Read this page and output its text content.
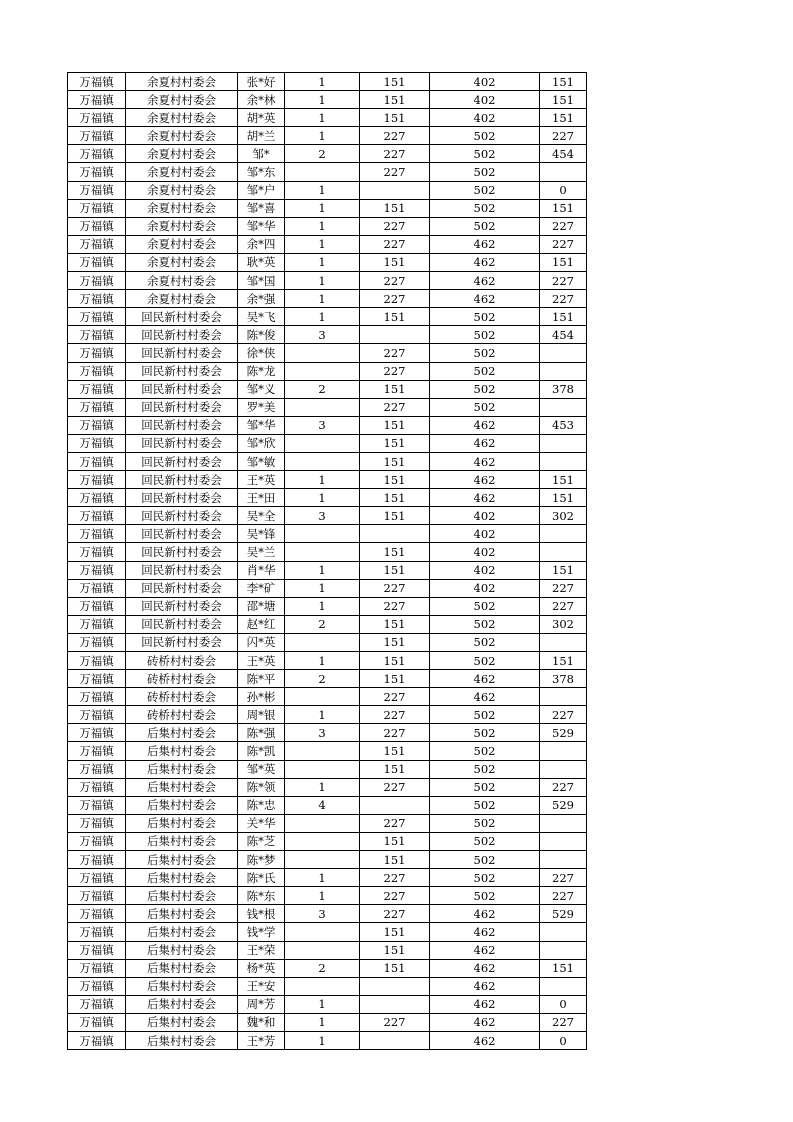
万福镇	余夏村村委会	张*好	1	151	402	151
万福镇	余夏村村委会	余*林	1	151	402	151
万福镇	余夏村村委会	胡*英	1	151	402	151
万福镇	余夏村村委会	胡*兰	1	227	502	227
万福镇	余夏村村委会	邹*	2	227	502	454
万福镇	余夏村村委会	邹*东		227	502	
万福镇	余夏村村委会	邹*户	1		502	0
万福镇	余夏村村委会	邹*喜	1	151	502	151
万福镇	余夏村村委会	邹*华	1	227	502	227
万福镇	余夏村村委会	余*四	1	227	462	227
万福镇	余夏村村委会	耿*英	1	151	462	151
万福镇	余夏村村委会	邹*国	1	227	462	227
万福镇	余夏村村委会	余*强	1	227	462	227
万福镇	回民新村村委会	吴*飞	1	151	502	151
万福镇	回民新村村委会	陈*俊	3		502	454
万福镇	回民新村村委会	徐*侠		227	502	
万福镇	回民新村村委会	陈*龙		227	502	
万福镇	回民新村村委会	邹*义	2	151	502	378
万福镇	回民新村村委会	罗*美		227	502	
万福镇	回民新村村委会	邹*华	3	151	462	453
万福镇	回民新村村委会	邹*欣		151	462	
万福镇	回民新村村委会	邹*敏		151	462	
万福镇	回民新村村委会	王*英	1	151	462	151
万福镇	回民新村村委会	王*田	1	151	462	151
万福镇	回民新村村委会	吴*全	3	151	402	302
万福镇	回民新村村委会	吴*锋			402	
万福镇	回民新村村委会	吴*兰		151	402	
万福镇	回民新村村委会	肖*华	1	151	402	151
万福镇	回民新村村委会	李*矿	1	227	402	227
万福镇	回民新村村委会	邵*塘	1	227	502	227
万福镇	回民新村村委会	赵*红	2	151	502	302
万福镇	回民新村村委会	闪*英		151	502	
万福镇	砖桥村村委会	王*英	1	151	502	151
万福镇	砖桥村村委会	陈*平	2	151	462	378
万福镇	砖桥村村委会	孙*彬		227	462	
万福镇	砖桥村村委会	周*银	1	227	502	227
万福镇	后集村村委会	陈*强	3	227	502	529
万福镇	后集村村委会	陈*凯		151	502	
万福镇	后集村村委会	邹*英		151	502	
万福镇	后集村村委会	陈*领	1	227	502	227
万福镇	后集村村委会	陈*忠	4		502	529
万福镇	后集村村委会	关*华		227	502	
万福镇	后集村村委会	陈*芝		151	502	
万福镇	后集村村委会	陈*梦		151	502	
万福镇	后集村村委会	陈*氏	1	227	502	227
万福镇	后集村村委会	陈*东	1	227	502	227
万福镇	后集村村委会	钱*根	3	227	462	529
万福镇	后集村村委会	钱*学		151	462	
万福镇	后集村村委会	王*荣		151	462	
万福镇	后集村村委会	杨*英	2	151	462	151
万福镇	后集村村委会	王*安			462	
万福镇	后集村村委会	周*芳	1		462	0
万福镇	后集村村委会	魏*和	1	227	462	227
万福镇	后集村村委会	王*芳	1		462	0
